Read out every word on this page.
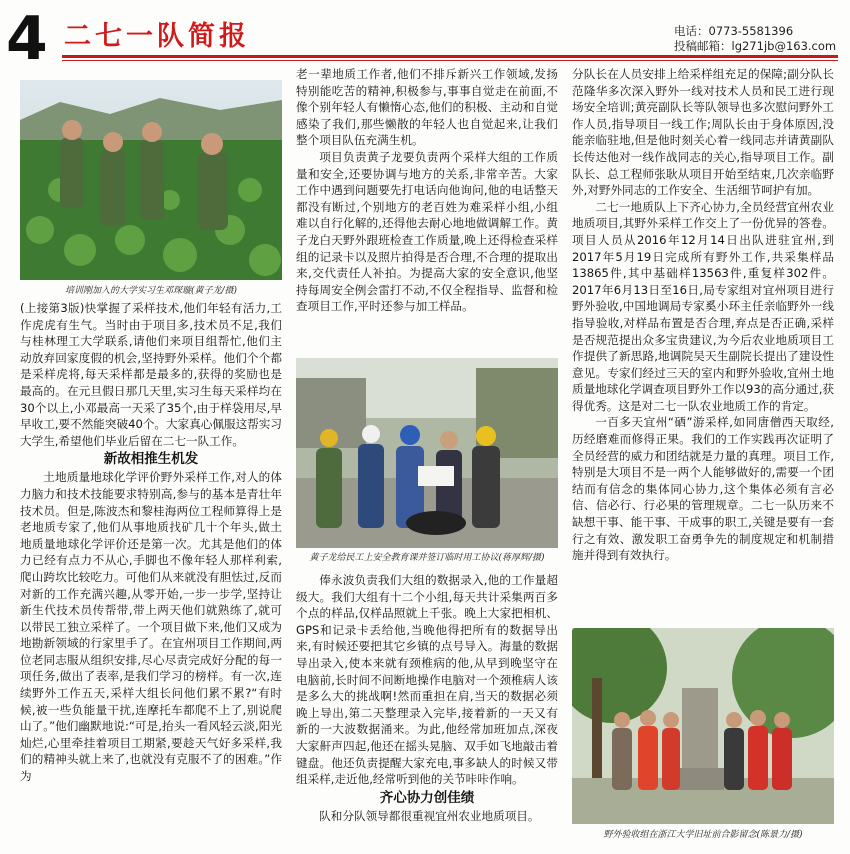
4 二七一队简报	电话：0773-5581396
投稿邮箱：lg271jb@163.com
培训刚加入的大学实习生邓琛璇(黄子龙/摄)

(上接第3版)快掌握了采样技术,他们年轻有活力,工作虎虎有生气。当时由于项目多,技术员不足,我们与桂林理工大学联系,请他们来项目组帮忙,他们主动放弃回家度假的机会,坚持野外采样。他们个个都是采样虎将,每天采样都是最多的,获得的奖励也是最高的。在元旦假日那几天里,实习生每天采样均在30个以上,小邓最高一天采了35个,由于样袋用尽,早早收工,要不然能突破40个。大家真心佩服这帮实习大学生,希望他们毕业后留在二七一队工作。

新故相推生机发

土地质量地球化学评价野外采样工作,对人的体力脑力和技术技能要求特别高,参与的基本是青壮年技术员。但是,陈波杰和黎桂海两位工程师算得上是老地质专家了,他们从事地质找矿几十个年头,做土地质量地球化学评价还是第一次。尤其是他们的体力已经有点力不从心,手脚也不像年轻人那样利索,爬山跨坎比较吃力。可他们从来就没有胆怯过,反而对新的工作充满兴趣,从零开始,一步一步学,坚持让新生代技术员传帮带,带上两天他们就熟练了,就可以带民工独立采样了。一个项目做下来,他们又成为地勘新领域的行家里手了。在宜州项目工作期间,两位老同志服从组织安排,尽心尽责完成好分配的每一项任务,做出了表率,是我们学习的榜样。有一次,连续野外工作五天,采样大组长问他们累不累?“有时候,被一些负能量干扰,连摩托车都爬不上了,别说爬山了。”他们幽默地说:“可是,抬头一看风轻云淡,阳光灿烂,心里牵挂着项目工期紧,要趁天气好多采样,我们的精神头就上来了,也就没有克服不了的困难。”作为

老一辈地质工作者,他们不排斥新兴工作领域,发扬特别能吃苦的精神,积极参与,事事自觉走在前面,不像个别年轻人有懒惰心态,他们的积极、主动和自觉感染了我们,那些懒散的年轻人也自觉起来,让我们整个项目队伍充满生机。

项目负责黄子龙要负责两个采样大组的工作质量和安全,还要协调与地方的关系,非常辛苦。大家工作中遇到问题要先打电话向他询问,他的电话整天都没有断过,个别地方的老百姓为难采样小组,小组难以自行化解的,还得他去耐心地地做调解工作。黄子龙白天野外跟班检查工作质量,晚上还得检查采样组的记录卡以及照片拍得是否合理,不合理的提取出来,交代责任人补拍。为提高大家的安全意识,他坚持每周安全例会雷打不动,不仅全程指导、监督和检查项目工作,平时还参与加工样品。

黄子龙给民工上安全教育课并签订临时用工协议(蒋厚辉/摄)

俸永波负责我们大组的数据录入,他的工作量超级大。我们大组有十二个小组,每天共计采集两百多个点的样品,仅样品照就上千张。晚上大家把相机、GPS和记录卡丢给他,当晚他得把所有的数据导出来,有时候还要把其它乡镇的点号导入。海量的数据导出录入,使本来就有颈椎病的他,从早到晚坚守在电脑前,长时间不间断地操作电脑对一个颈椎病人该是多么大的挑战啊!然而重担在肩,当天的数据必须晚上导出,第二天整理录入完毕,接着新的一天又有新的一大波数据涌来。为此,他经常加班加点,深夜大家鼾声四起,他还在摇头晃脑、双手如飞地敲击着键盘。他还负责提醒大家充电,事多缺人的时候又带组采样,走近他,经常听到他的关节咔咔作响。

齐心协力创佳绩

队和分队领导都很重视宜州农业地质项目。

分队长在人员安排上给采样组充足的保障;副分队长范隆华多次深入野外一线对技术人员和民工进行现场安全培训;黄亮副队长等队领导也多次慰问野外工作人员,指导项目一线工作;周队长由于身体原因,没能亲临驻地,但是他时刻关心着一线同志并请黄副队长传达他对一线作战同志的关心,指导项目工作。副队长、总工程师张耿从项目开始至结束,几次亲临野外,对野外同志的工作安全、生活细节呵护有加。

二七一地质队上下齐心协力,全员经营宜州农业地质项目,其野外采样工作交上了一份优异的答卷。项目人员从2016年12月14日出队进驻宜州,到2017年5月19日完成所有野外工作,共采集样品13865件,其中基础样13563件,重复样302件。2017年6月13日至16日,局专家组对宜州项目进行野外验收,中国地调局专家奚小环主任亲临野外一线指导验收,对样品布置是否合理,弃点是否正确,采样是否规范提出众多宝贵建议,为今后农业地质项目工作提供了新思路,地调院吴天生副院长提出了建设性意见。专家们经过三天的室内和野外验收,宜州土地质量地球化学调查项目野外工作以93的高分通过,获得优秀。这是对二七一队农业地质工作的肯定。

一百多天宜州“硒”游采样,如同唐僧西天取经,历经磨难而修得正果。我们的工作实践再次证明了全员经营的威力和团结就是力量的真理。项目工作,特别是大项目不是一两个人能够做好的,需要一个团结而有信念的集体同心协力,这个集体必须有言必信、信必行、行必果的管理规章。二七一队历来不缺想干事、能干事、干成事的职工,关键是要有一套行之有效、激发职工奋勇争先的制度规定和机制措施并得到有效执行。

野外验收组在浙江大学旧址前合影留念(陈景力/摄)
